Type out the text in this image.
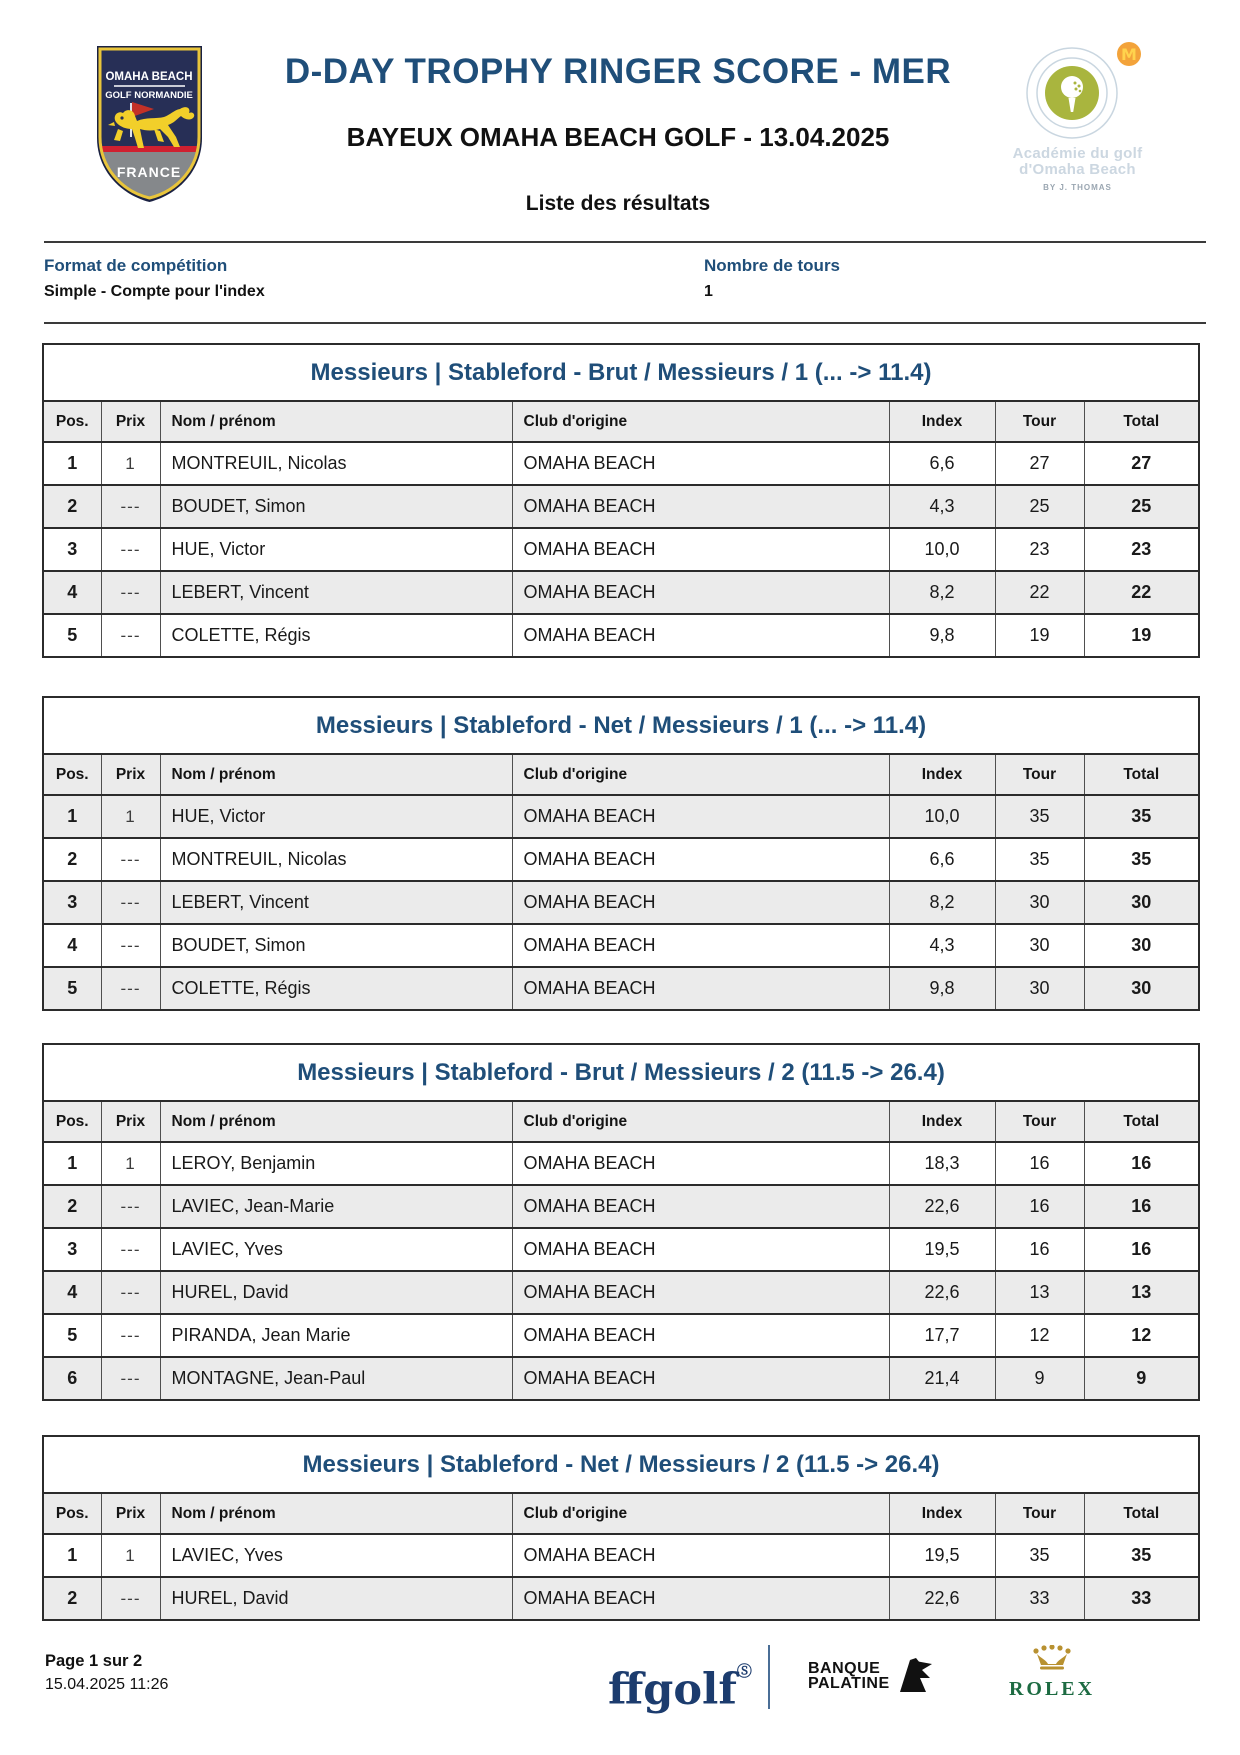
OMAHA BEACH
GOLF NORMANDIE
FRANCE
D-DAY TROPHY RINGER SCORE - MER
BAYEUX OMAHA BEACH GOLF - 13.04.2025
Liste des résultats
M
Académie du golf
d'Omaha Beach
BY J. THOMAS
Format de compétition
Simple - Compte pour l'index
Nombre de tours
1
Messieurs | Stableford - Brut / Messieurs / 1 (... -> 11.4)
Pos.	Prix	Nom / prénom	Club d'origine	Index	Tour	Total
1	1	MONTREUIL, Nicolas	OMAHA BEACH	6,6	27	27
2	---	BOUDET, Simon	OMAHA BEACH	4,3	25	25
3	---	HUE, Victor	OMAHA BEACH	10,0	23	23
4	---	LEBERT, Vincent	OMAHA BEACH	8,2	22	22
5	---	COLETTE, Régis	OMAHA BEACH	9,8	19	19
Messieurs | Stableford - Net / Messieurs / 1 (... -> 11.4)
Pos.	Prix	Nom / prénom	Club d'origine	Index	Tour	Total
1	1	HUE, Victor	OMAHA BEACH	10,0	35	35
2	---	MONTREUIL, Nicolas	OMAHA BEACH	6,6	35	35
3	---	LEBERT, Vincent	OMAHA BEACH	8,2	30	30
4	---	BOUDET, Simon	OMAHA BEACH	4,3	30	30
5	---	COLETTE, Régis	OMAHA BEACH	9,8	30	30
Messieurs | Stableford - Brut / Messieurs / 2 (11.5 -> 26.4)
Pos.	Prix	Nom / prénom	Club d'origine	Index	Tour	Total
1	1	LEROY, Benjamin	OMAHA BEACH	18,3	16	16
2	---	LAVIEC, Jean-Marie	OMAHA BEACH	22,6	16	16
3	---	LAVIEC, Yves	OMAHA BEACH	19,5	16	16
4	---	HUREL, David	OMAHA BEACH	22,6	13	13
5	---	PIRANDA, Jean Marie	OMAHA BEACH	17,7	12	12
6	---	MONTAGNE, Jean-Paul	OMAHA BEACH	21,4	9	9
Messieurs | Stableford - Net / Messieurs / 2 (11.5 -> 26.4)
Pos.	Prix	Nom / prénom	Club d'origine	Index	Tour	Total
1	1	LAVIEC, Yves	OMAHA BEACH	19,5	35	35
2	---	HUREL, David	OMAHA BEACH	22,6	33	33
Page 1 sur 2
15.04.2025 11:26	ffgolfⓈ	BANQUE
PALATINE	ROLEX
